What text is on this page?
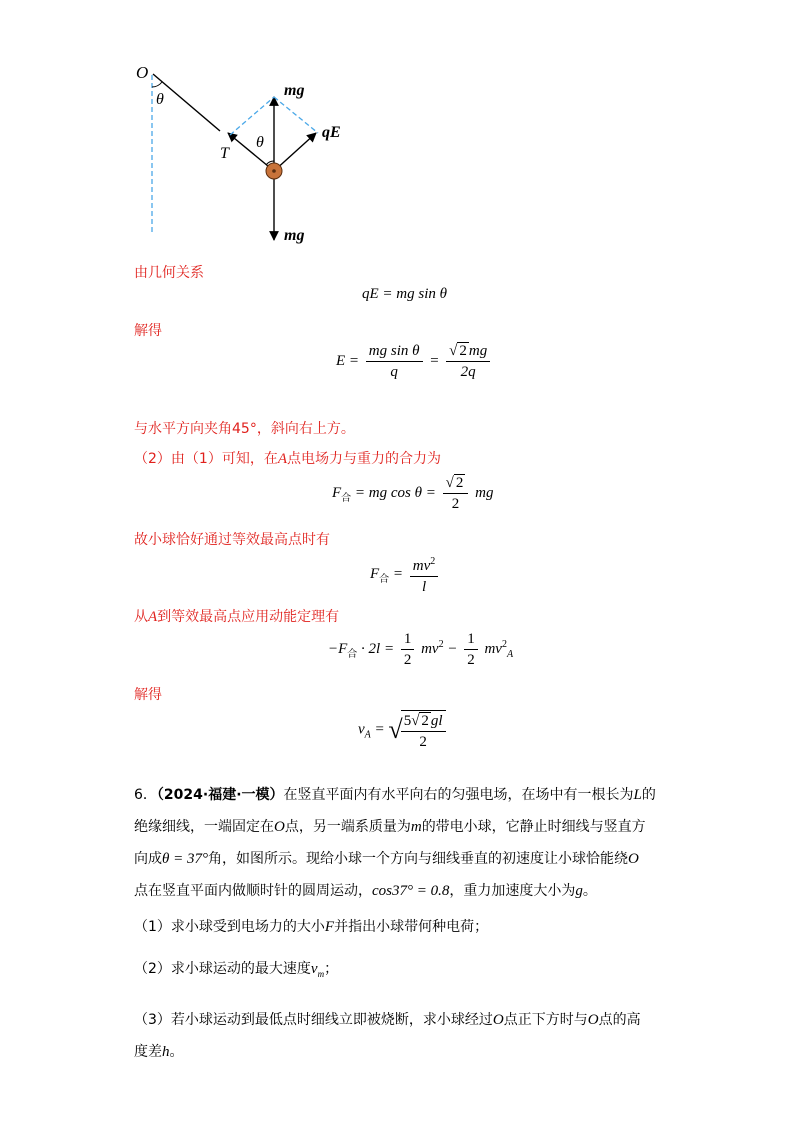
O
θ
θ
T
mg
qE
mg
由几何关系
qE = mg sin θ
解得
$E = \frac{\text{mg sin θ}}{q} = \frac{√ 2 mg}{2q}$
与水平方向夹角45°，斜向右上方。
（2）由（1）可知，在A点电场力与重力的合力为
$F_合$ = mg $\cos \theta = \frac{√ 2}{2}$ mg
故小球恰好通过等效最高点时有
$F_合 = \frac{mv^2}{l}$
从A到等效最高点应用动能定理有
$-F_合 \cdot 2l = \frac{1}{2} mv^2 - \frac{1}{2} mv^2_A$
解得
$v_A$ = √
$\frac{5√ 2 gl}{2}$
6．（2024·福建·一模）在竖直平面内有水平向右的匀强电场，在场中有一根长为L的
绝缘细线，一端固定在O点，另一端系质量为m的带电小球，它静止时细线与竖直方
向成θ = 37°角，如图所示。现给小球一个方向与细线垂直的初速度让小球恰能绕O
点在竖直平面内做顺时针的圆周运动，cos37° = 0.8，重力加速度大小为g。
（1）求小球受到电场力的大小F并指出小球带何种电荷；
（2）求小球运动的最大速度$v_m$；
（3）若小球运动到最低点时细线立即被烧断，求小球经过O点正下方时与O点的高
度差h。
